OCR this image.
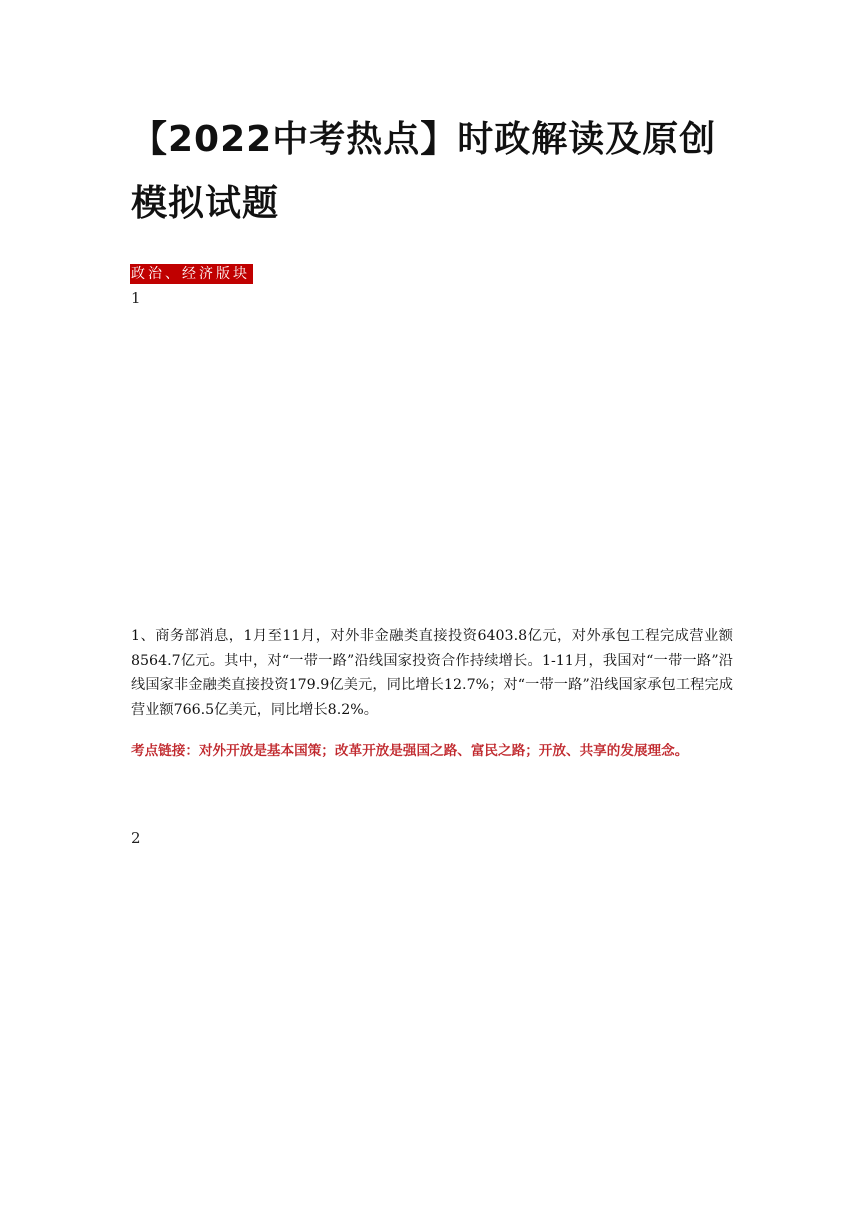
【2022中考热点】时政解读及原创模拟试题
政治、经济版块
1

1、商务部消息，1月至11月，对外非金融类直接投资6403.8亿元，对外承包工程完成营业额8564.7亿元。其中，对“一带一路”沿线国家投资合作持续增长。1-11月，我国对“一带一路”沿线国家非金融类直接投资179.9亿美元，同比增长12.7%；对“一带一路”沿线国家承包工程完成营业额766.5亿美元，同比增长8.2%。

考点链接：对外开放是基本国策；改革开放是强国之路、富民之路；开放、共享的发展理念。

2
